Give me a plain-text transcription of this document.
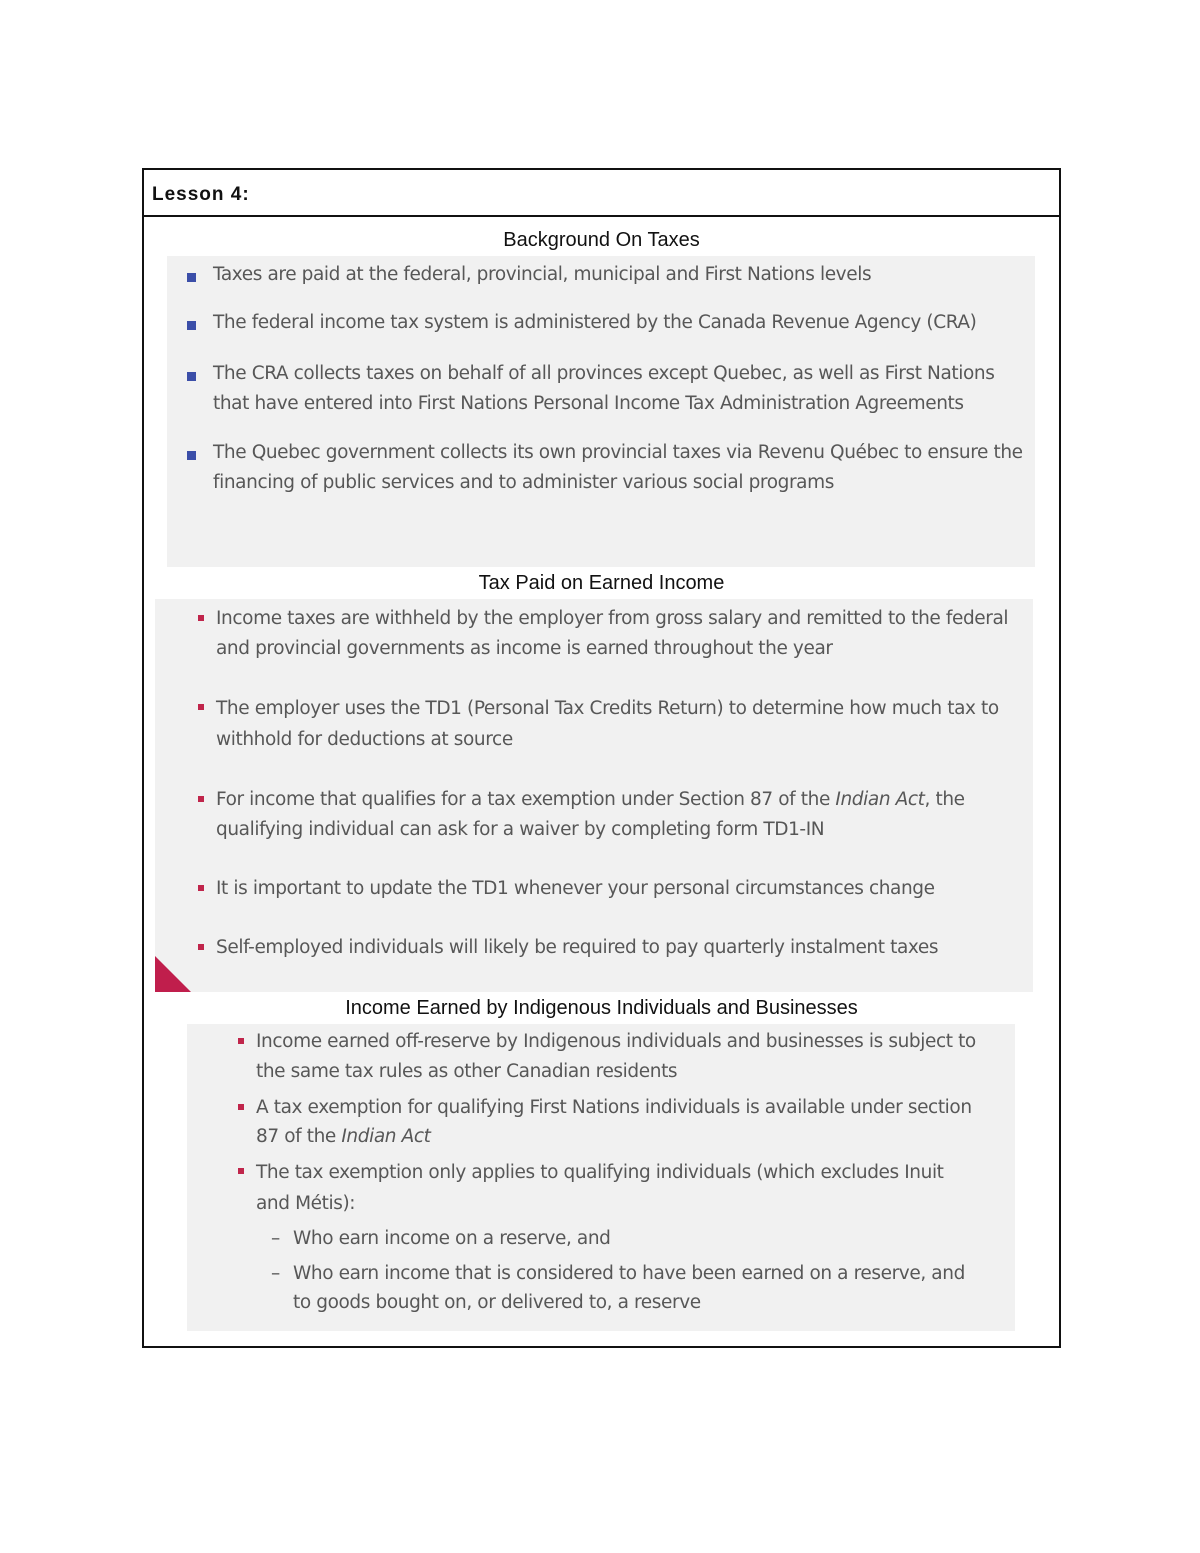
Lesson 4:
Background On Taxes
Taxes are paid at the federal, provincial, municipal and First Nations levels
The federal income tax system is administered by the Canada Revenue Agency (CRA)
The CRA collects taxes on behalf of all provinces except Quebec, as well as First Nations that have entered into First Nations Personal Income Tax Administration Agreements
The Quebec government collects its own provincial taxes via Revenu Québec to ensure the financing of public services and to administer various social programs
Tax Paid on Earned Income
Income taxes are withheld by the employer from gross salary and remitted to the federal and provincial governments as income is earned throughout the year
The employer uses the TD1 (Personal Tax Credits Return) to determine how much tax to withhold for deductions at source
For income that qualifies for a tax exemption under Section 87 of the Indian Act, the qualifying individual can ask for a waiver by completing form TD1-IN
It is important to update the TD1 whenever your personal circumstances change
Self-employed individuals will likely be required to pay quarterly instalment taxes
Income Earned by Indigenous Individuals and Businesses
Income earned off-reserve by Indigenous individuals and businesses is subject to the same tax rules as other Canadian residents
A tax exemption for qualifying First Nations individuals is available under section 87 of the Indian Act
The tax exemption only applies to qualifying individuals (which excludes Inuit and Métis):
– Who earn income on a reserve, and
– Who earn income that is considered to have been earned on a reserve, and to goods bought on, or delivered to, a reserve
